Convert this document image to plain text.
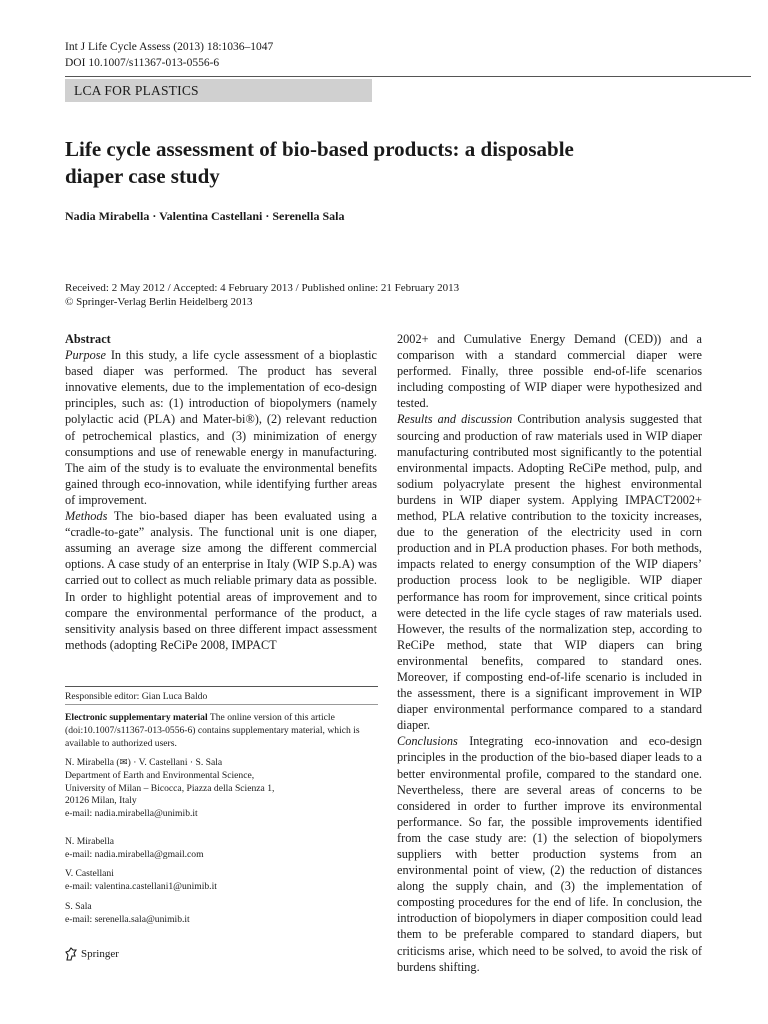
Int J Life Cycle Assess (2013) 18:1036–1047
DOI 10.1007/s11367-013-0556-6
LCA FOR PLASTICS
Life cycle assessment of bio-based products: a disposable
diaper case study
Nadia Mirabella · Valentina Castellani · Serenella Sala
Received: 2 May 2012 / Accepted: 4 February 2013 / Published online: 21 February 2013
© Springer-Verlag Berlin Heidelberg 2013

Abstract

Purpose In this study, a life cycle assessment of a bioplastic based diaper was performed. The product has several innovative elements, due to the implementation of eco-design principles, such as: (1) introduction of biopolymers (namely polylactic acid (PLA) and Mater-bi®), (2) relevant reduction of petrochemical plastics, and (3) minimization of energy consumptions and use of renewable energy in manufacturing. The aim of the study is to evaluate the environmental benefits gained through eco-innovation, while identifying further areas of improvement.

Methods The bio-based diaper has been evaluated using a “cradle-to-gate” analysis. The functional unit is one diaper, assuming an average size among the different commercial options. A case study of an enterprise in Italy (WIP S.p.A) was carried out to collect as much reliable primary data as possible. In order to highlight potential areas of improvement and to compare the environmental performance of the product, a sensitivity analysis based on three different impact assessment methods (adopting ReCiPe 2008, IMPACT

2002+ and Cumulative Energy Demand (CED)) and a comparison with a standard commercial diaper were performed. Finally, three possible end-of-life scenarios including composting of WIP diaper were hypothesized and tested.

Results and discussion Contribution analysis suggested that sourcing and production of raw materials used in WIP diaper manufacturing contributed most significantly to the potential environmental impacts. Adopting ReCiPe method, pulp, and sodium polyacrylate present the highest environmental burdens in WIP diaper system. Applying IMPACT2002+ method, PLA relative contribution to the toxicity increases, due to the generation of the electricity used in corn production and in PLA production phases. For both methods, impacts related to energy consumption of the WIP diapers’ production process look to be negligible. WIP diaper performance has room for improvement, since critical points were detected in the life cycle stages of raw materials used. However, the results of the normalization step, according to ReCiPe method, state that WIP diapers can bring environmental benefits, compared to standard ones. Moreover, if composting end-of-life scenario is included in the assessment, there is a significant improvement in WIP diaper environmental performance compared to a standard diaper.

Conclusions Integrating eco-innovation and eco-design principles in the production of the bio-based diaper leads to a better environmental profile, compared to the standard one. Nevertheless, there are several areas of concerns to be considered in order to further improve its environmental performance. So far, the possible improvements identified from the case study are: (1) the selection of biopolymers suppliers with better production systems from an environmental point of view, (2) the reduction of distances along the supply chain, and (3) the implementation of composting procedures for the end of life. In conclusion, the introduction of biopolymers in diaper composition could lead them to be preferable compared to standard diapers, but criticisms arise, which need to be solved, to avoid the risk of burdens shifting.

Responsible editor: Gian Luca Baldo
Electronic supplementary material The online version of this article (doi:10.1007/s11367-013-0556-6) contains supplementary material, which is available to authorized users.
N. Mirabella (✉) · V. Castellani · S. Sala
Department of Earth and Environmental Science,
University of Milan – Bicocca, Piazza della Scienza 1,
20126 Milan, Italy
e-mail: nadia.mirabella@unimib.it
N. Mirabella
e-mail: nadia.mirabella@gmail.com
V. Castellani
e-mail: valentina.castellani1@unimib.it
S. Sala
e-mail: serenella.sala@unimib.it
Springer
